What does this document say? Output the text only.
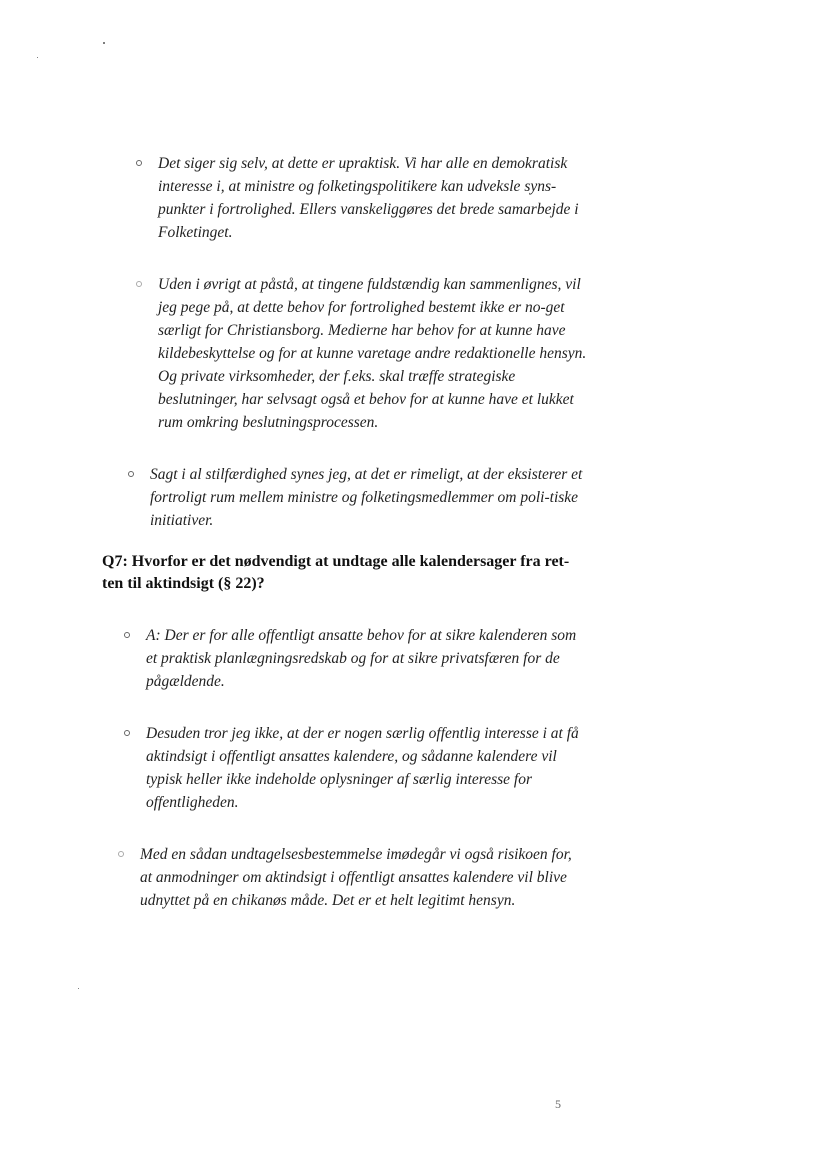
Det siger sig selv, at dette er upraktisk. Vi har alle en demokratisk interesse i, at ministre og folketingspolitikere kan udveksle syns-punkter i fortrolighed. Ellers vanskeliggøres det brede samarbejde i Folketinget.
Uden i øvrigt at påstå, at tingene fuldstændig kan sammenlignes, vil jeg pege på, at dette behov for fortrolighed bestemt ikke er no-get særligt for Christiansborg. Medierne har behov for at kunne have kildebeskyttelse og for at kunne varetage andre redaktionelle hensyn. Og private virksomheder, der f.eks. skal træffe strategiske beslutninger, har selvsagt også et behov for at kunne have et lukket rum omkring beslutningsprocessen.
Sagt i al stilfærdighed synes jeg, at det er rimeligt, at der eksisterer et fortroligt rum mellem ministre og folketingsmedlemmer om poli-tiske initiativer.

Q7: Hvorfor er det nødvendigt at undtage alle kalendersager fra ret-ten til aktindsigt (§ 22)?

A: Der er for alle offentligt ansatte behov for at sikre kalenderen som et praktisk planlægningsredskab og for at sikre privatsfæren for de pågældende.
Desuden tror jeg ikke, at der er nogen særlig offentlig interesse i at få aktindsigt i offentligt ansattes kalendere, og sådanne kalendere vil typisk heller ikke indeholde oplysninger af særlig interesse for offentligheden.
Med en sådan undtagelsesbestemmelse imødegår vi også risikoen for, at anmodninger om aktindsigt i offentligt ansattes kalendere vil blive udnyttet på en chikanøs måde. Det er et helt legitimt hensyn.
5
